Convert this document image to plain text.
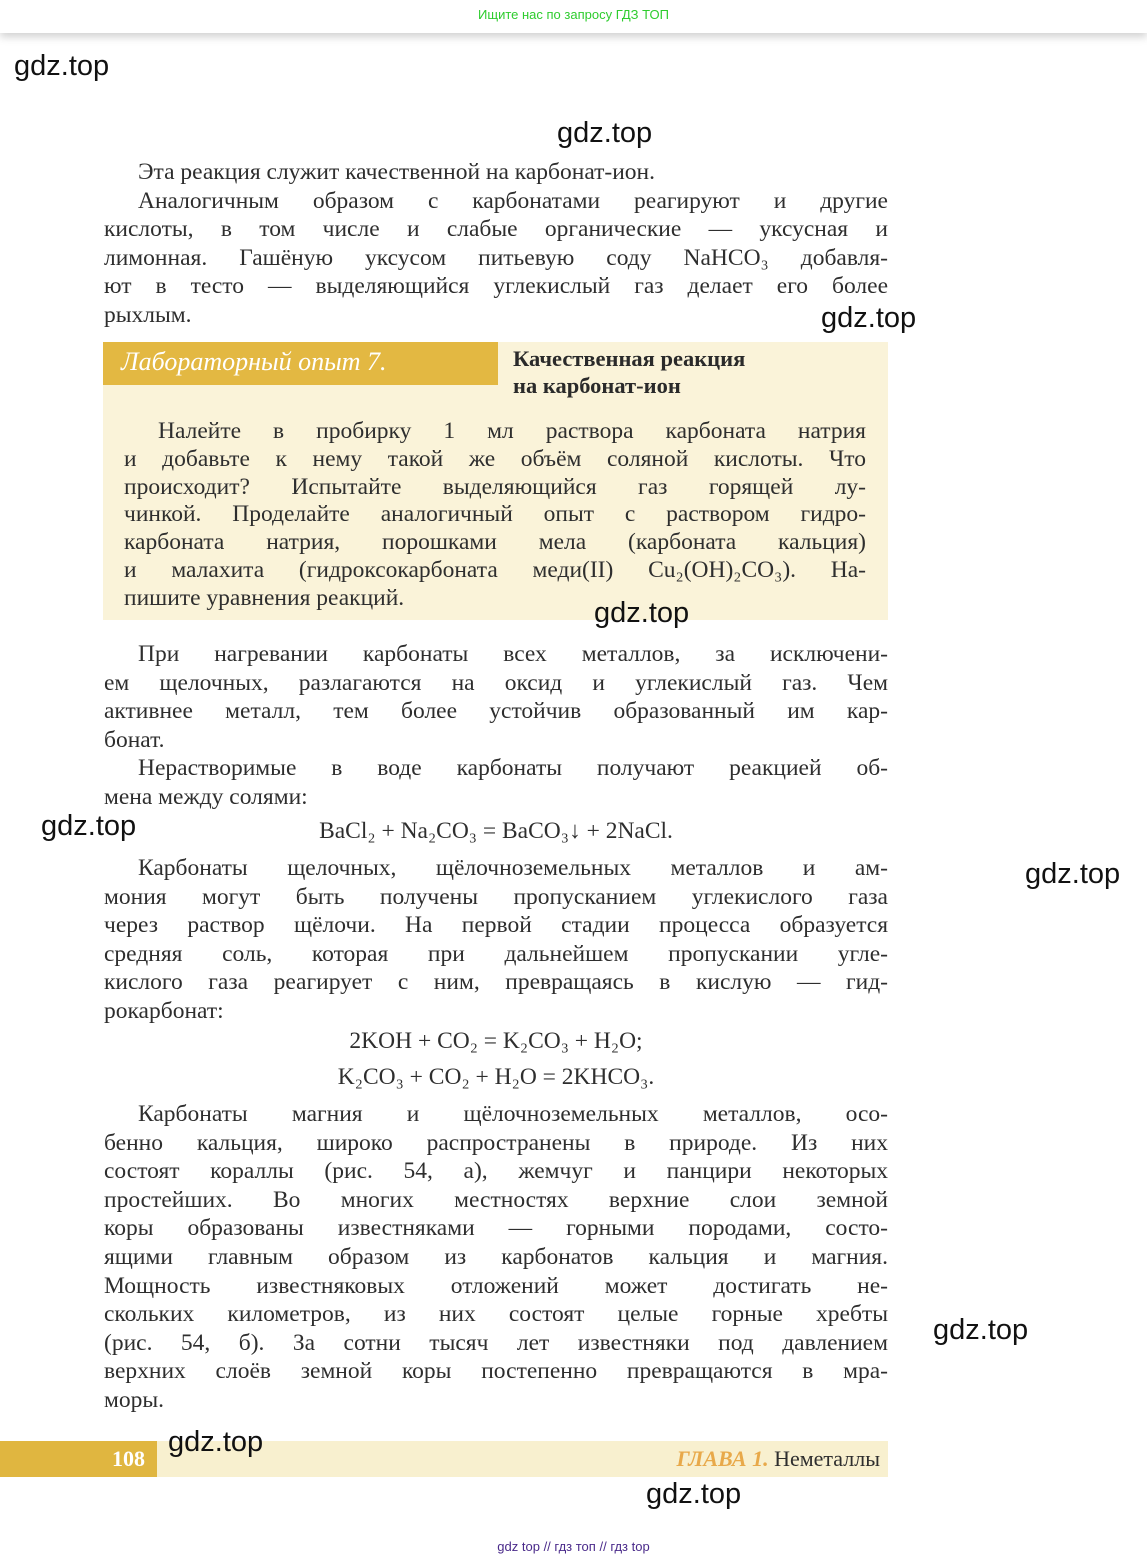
Ищите нас по запросу ГДЗ ТОП
Эта реакция служит качественной на карбонат-ион.
Аналогичным образом с карбонатами реагируют и другие
кислоты, в том числе и слабые органические — уксусная и
лимонная. Гашёную уксусом питьевую соду NaHCO₃ добавля-
ют в тесто — выделяющийся углекислый газ делает его более
рыхлым.
Лабораторный опыт 7.	Качественная реакция
на карбонат-ион
Налейте в пробирку 1 мл раствора карбоната натрия
и добавьте к нему такой же объём соляной кислоты. Что
происходит? Испытайте выделяющийся газ горящей лу-
чинкой. Проделайте аналогичный опыт с раствором гидро-
карбоната натрия, порошками мела (карбоната кальция)
и малахита (гидроксокарбоната меди(II) Cu₂(OH)₂CO₃). На-
пишите уравнения реакций.
При нагревании карбонаты всех металлов, за исключени-
ем щелочных, разлагаются на оксид и углекислый газ. Чем
активнее металл, тем более устойчив образованный им кар-
бонат.
Нерастворимые в воде карбонаты получают реакцией об-
мена между солями:
BaCl₂ + Na₂CO₃ = BaCO₃↓ + 2NaCl.
Карбонаты щелочных, щёлочноземельных металлов и ам-
мония могут быть получены пропусканием углекислого газа
через раствор щёлочи. На первой стадии процесса образуется
средняя соль, которая при дальнейшем пропускании угле-
кислого газа реагирует с ним, превращаясь в кислую — гид-
рокарбонат:
2KOH + CO₂ = K₂CO₃ + H₂O;
K₂CO₃ + CO₂ + H₂O = 2KHCO₃.
Карбонаты магния и щёлочноземельных металлов, осо-
бенно кальция, широко распространены в природе. Из них
состоят кораллы (рис. 54, а), жемчуг и панцири некоторых
простейших. Во многих местностях верхние слои земной
коры образованы известняками — горными породами, состо-
ящими главным образом из карбонатов кальция и магния.
Мощность известняковых отложений может достигать не-
скольких километров, из них состоят целые горные хребты
(рис. 54, б). За сотни тысяч лет известняки под давлением
верхних слоёв земной коры постепенно превращаются в мра-
моры.
108	ГЛАВА 1. Неметаллы
gdz top // гдз топ // гдз top
gdz.top
gdz.top
gdz.top
gdz.top
gdz.top
gdz.top
gdz.top
gdz.top
gdz.top
